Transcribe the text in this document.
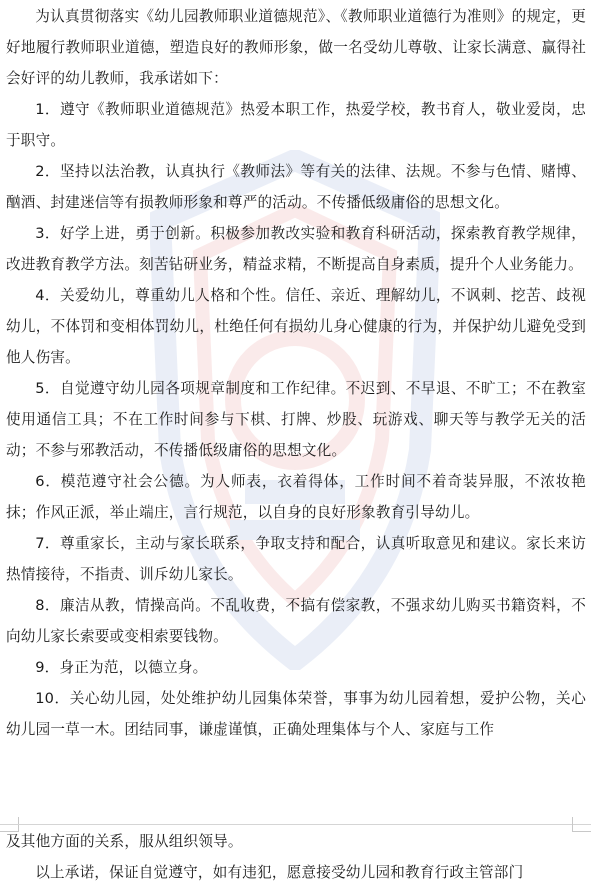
为认真贯彻落实《幼儿园教师职业道德规范》、《教师职业道德行为准则》的规定，更好地履行教师职业道德，塑造良好的教师形象，做一名受幼儿尊敬、让家长满意、赢得社会好评的幼儿教师，我承诺如下：

1．遵守《教师职业道德规范》热爱本职工作，热爱学校，教书育人，敬业爱岗，忠于职守。

2．坚持以法治教，认真执行《教师法》等有关的法律、法规。不参与色情、赌博、酗酒、封建迷信等有损教师形象和尊严的活动。不传播低级庸俗的思想文化。

3．好学上进，勇于创新。积极参加教改实验和教育科研活动，探索教育教学规律，改进教育教学方法。刻苦钻研业务，精益求精，不断提高自身素质，提升个人业务能力。

4．关爱幼儿，尊重幼儿人格和个性。信任、亲近、理解幼儿，不讽刺、挖苦、歧视幼儿，不体罚和变相体罚幼儿，杜绝任何有损幼儿身心健康的行为，并保护幼儿避免受到他人伤害。

5．自觉遵守幼儿园各项规章制度和工作纪律。不迟到、不早退、不旷工；不在教室使用通信工具；不在工作时间参与下棋、打牌、炒股、玩游戏、聊天等与教学无关的活动；不参与邪教活动，不传播低级庸俗的思想文化。

6．模范遵守社会公德。为人师表，衣着得体，工作时间不着奇装异服，不浓妆艳抹；作风正派，举止端庄，言行规范，以自身的良好形象教育引导幼儿。

7．尊重家长，主动与家长联系，争取支持和配合，认真听取意见和建议。家长来访热情接待，不指责、训斥幼儿家长。

8．廉洁从教，情操高尚。不乱收费，不搞有偿家教，不强求幼儿购买书籍资料，不向幼儿家长索要或变相索要钱物。

9．身正为范，以德立身。

10．关心幼儿园，处处维护幼儿园集体荣誉，事事为幼儿园着想，爱护公物，关心幼儿园一草一木。团结同事，谦虚谨慎，正确处理集体与个人、家庭与工作

及其他方面的关系，服从组织领导。

以上承诺，保证自觉遵守，如有违犯，愿意接受幼儿园和教育行政主管部门
